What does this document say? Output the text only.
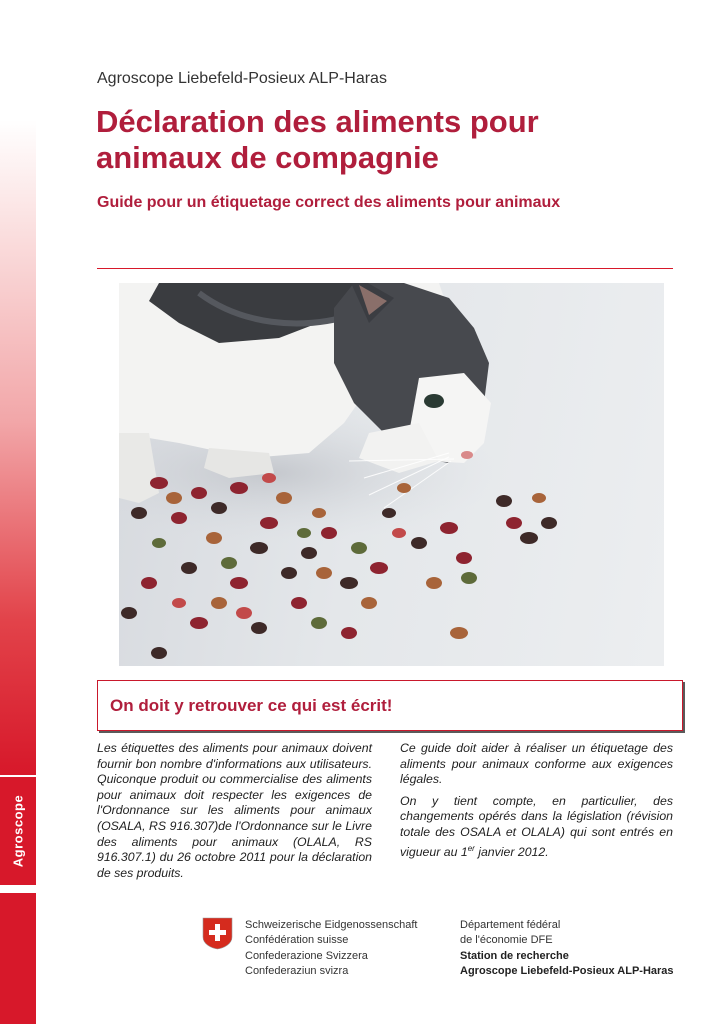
Agroscope
Agroscope Liebefeld-Posieux ALP-Haras
Déclaration des aliments pour
animaux de compagnie
Guide pour un étiquetage correct des aliments pour animaux
On doit y retrouver ce qui est écrit!

Les étiquettes des aliments pour animaux doivent fournir bon nombre d'informations aux utilisateurs. Quiconque produit ou commercialise des aliments pour animaux doit respecter les exigences de l'Ordonnance sur les aliments pour animaux (OSALA, RS 916.307)de l'Ordonnance sur le Livre des aliments pour animaux (OLALA, RS 916.307.1) du 26 octobre 2011 pour la déclaration de ses produits.

Ce guide doit aider à réaliser un étiquetage des aliments pour animaux conforme aux exigences légales.

On y tient compte, en particulier, des changements opérés dans la législation (révision totale des OSALA et OLALA) qui sont entrés en vigueur au 1er janvier 2012.

Schweizerische Eidgenossenschaft
Confédération suisse
Confederazione Svizzera
Confederaziun svizra
Département fédéral
de l'économie DFE
Station de recherche
Agroscope Liebefeld-Posieux ALP-Haras
